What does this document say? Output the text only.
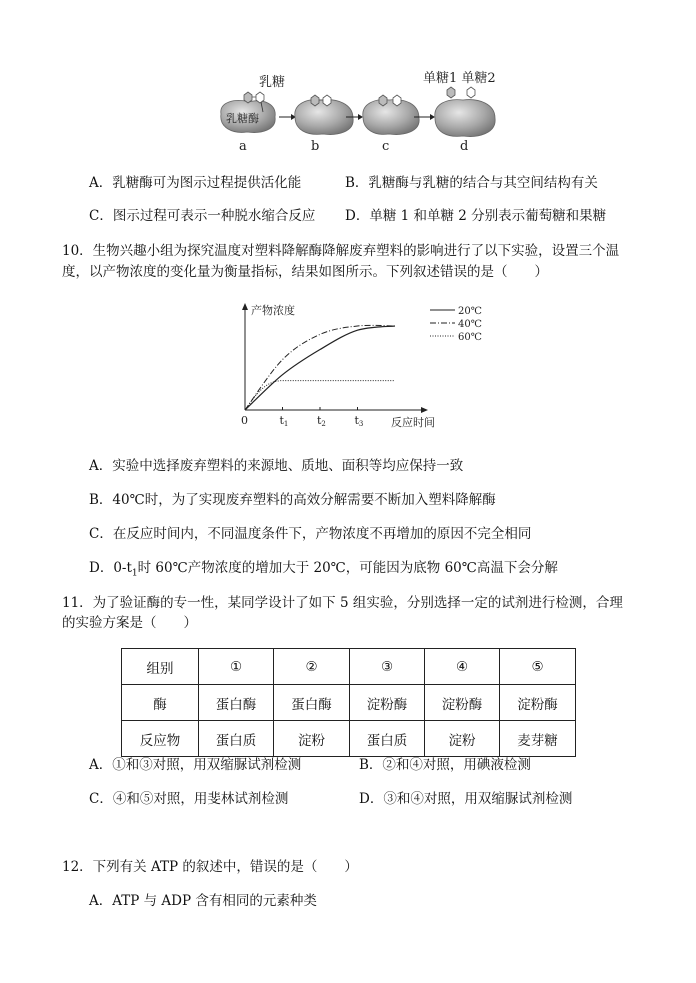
乳糖酶
乳糖	单糖1 单糖2
a	b	c	d
A．乳糖酶可为图示过程提供活化能	B．乳糖酶与乳糖的结合与其空间结构有关
C．图示过程可表示一种脱水缩合反应 D．单糖 1 和单糖 2 分别表示葡萄糖和果糖
10．生物兴趣小组为探究温度对塑料降解酶降解废弃塑料的影响进行了以下实验，设置三个温
度，以产物浓度的变化量为衡量指标，结果如图所示。下列叙述错误的是（　　）
产物浓度
反应时间
0	t1	t2	t3
20℃
40℃
60℃
A．实验中选择废弃塑料的来源地、质地、面积等均应保持一致
B．40℃时，为了实现废弃塑料的高效分解需要不断加入塑料降解酶
C．在反应时间内，不同温度条件下，产物浓度不再增加的原因不完全相同
D．$0-t_1$时 60℃产物浓度的增加大于 20℃，可能因为底物 60℃高温下会分解
11．为了验证酶的专一性，某同学设计了如下 5 组实验，分别选择一定的试剂进行检测，合理
的实验方案是（　　）
组别	①	②	③	④	⑤
酶	蛋白酶	蛋白酶	淀粉酶	淀粉酶	淀粉酶
反应物	蛋白质	淀粉	蛋白质	淀粉	麦芽糖
A．①和③对照，用双缩脲试剂检测	B．②和④对照，用碘液检测
C．④和⑤对照，用斐林试剂检测	D．③和④对照，用双缩脲试剂检测
12．下列有关 ATP 的叙述中，错误的是（　　）
A．ATP 与 ADP 含有相同的元素种类
